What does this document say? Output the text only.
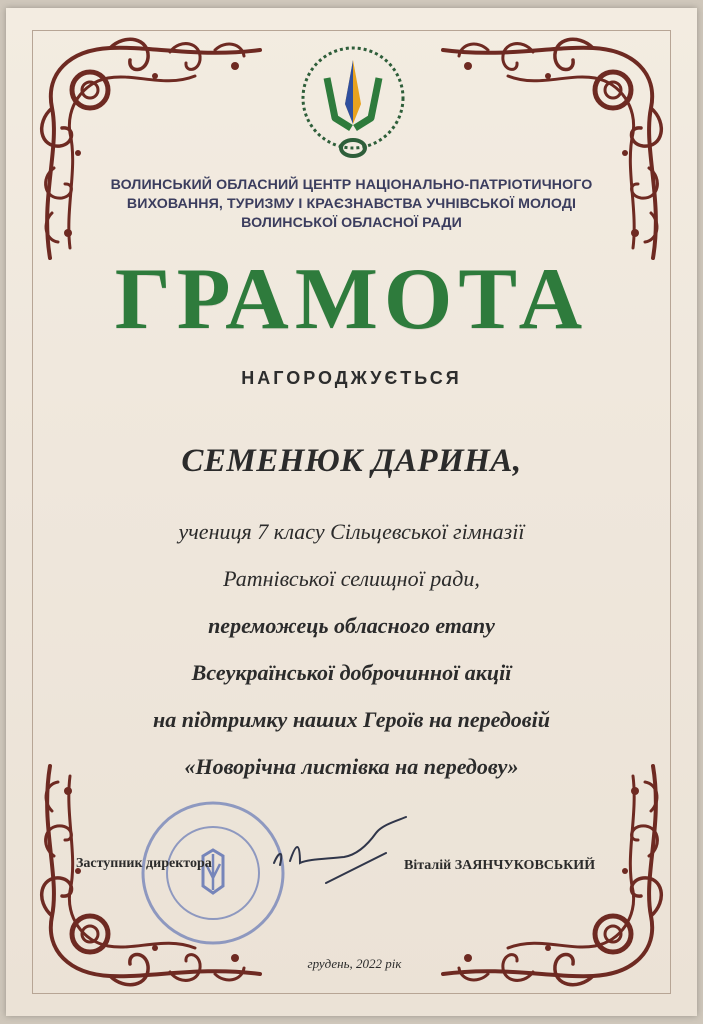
ВОЛИНСЬКИЙ ОБЛАСНИЙ ЦЕНТР НАЦІОНАЛЬНО-ПАТРІОТИЧНОГО
ВИХОВАННЯ, ТУРИЗМУ І КРАЄЗНАВСТВА УЧНІВСЬКОЇ МОЛОДІ
ВОЛИНСЬКОЇ ОБЛАСНОЇ РАДИ
ГРАМОТА
НАГОРОДЖУЄТЬСЯ
СЕМЕНЮК ДАРИНА,
учениця 7 класу Сільцевської гімназії
Ратнівської селищної ради,
переможець обласного етапу
Всеукраїнської доброчинної акції
на підтримку наших Героїв на передовій
«Новорічна листівка на передову»
Заступник директора	Віталій ЗАЯНЧУКОВСЬКИЙ
грудень, 2022 рік
